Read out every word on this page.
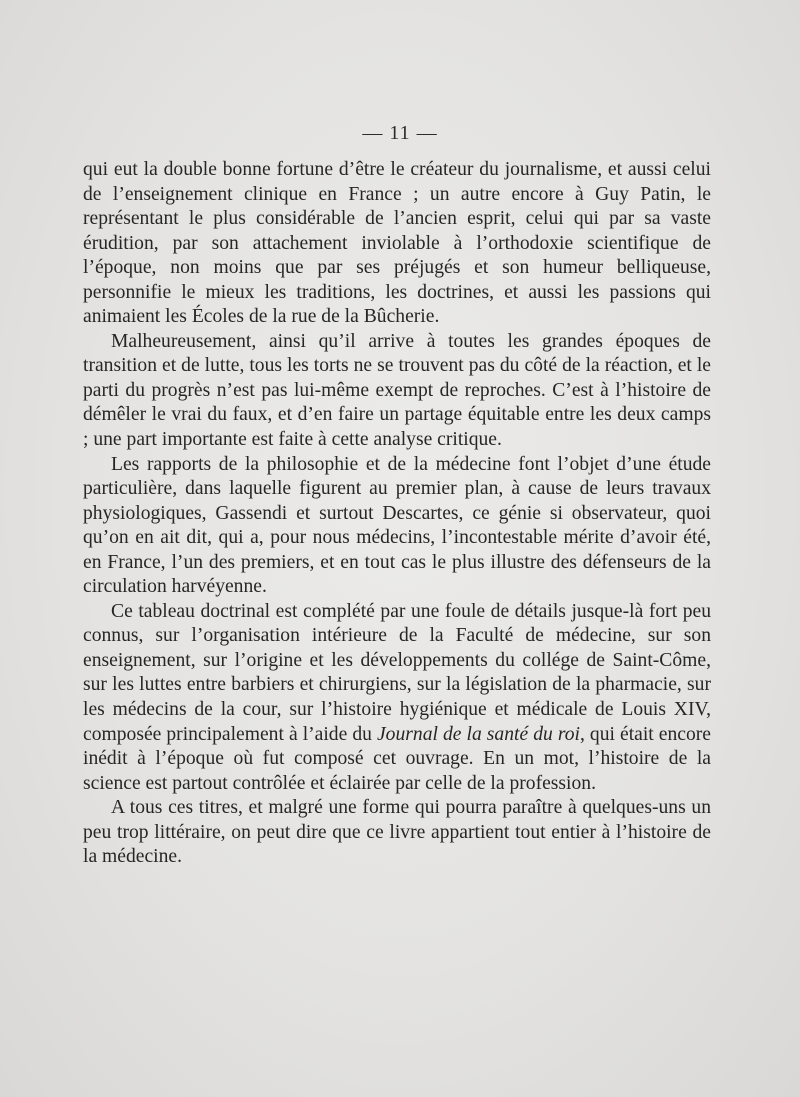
— 11 —

qui eut la double bonne fortune d’être le créateur du journalisme, et aussi celui de l’enseignement clinique en France ; un autre encore à Guy Patin, le représentant le plus considérable de l’ancien esprit, celui qui par sa vaste érudition, par son attachement inviolable à l’orthodoxie scientifique de l’époque, non moins que par ses préjugés et son humeur belliqueuse, personnifie le mieux les traditions, les doctrines, et aussi les passions qui animaient les Écoles de la rue de la Bûcherie.

Malheureusement, ainsi qu’il arrive à toutes les grandes époques de transition et de lutte, tous les torts ne se trouvent pas du côté de la réaction, et le parti du progrès n’est pas lui-même exempt de reproches. C’est à l’histoire de démêler le vrai du faux, et d’en faire un partage équitable entre les deux camps ; une part importante est faite à cette analyse critique.

Les rapports de la philosophie et de la médecine font l’objet d’une étude particulière, dans laquelle figurent au premier plan, à cause de leurs travaux physiologiques, Gassendi et surtout Descartes, ce génie si observateur, quoi qu’on en ait dit, qui a, pour nous médecins, l’incontestable mérite d’avoir été, en France, l’un des premiers, et en tout cas le plus illustre des défenseurs de la circulation harvéyenne.

Ce tableau doctrinal est complété par une foule de détails jusque-là fort peu connus, sur l’organisation intérieure de la Faculté de médecine, sur son enseignement, sur l’origine et les développements du collége de Saint-Côme, sur les luttes entre barbiers et chirurgiens, sur la législation de la pharmacie, sur les médecins de la cour, sur l’histoire hygiénique et médicale de Louis XIV, composée principalement à l’aide du Journal de la santé du roi, qui était encore inédit à l’époque où fut composé cet ouvrage. En un mot, l’histoire de la science est partout contrôlée et éclairée par celle de la profession.

A tous ces titres, et malgré une forme qui pourra paraître à quelques-uns un peu trop littéraire, on peut dire que ce livre appartient tout entier à l’histoire de la médecine.
